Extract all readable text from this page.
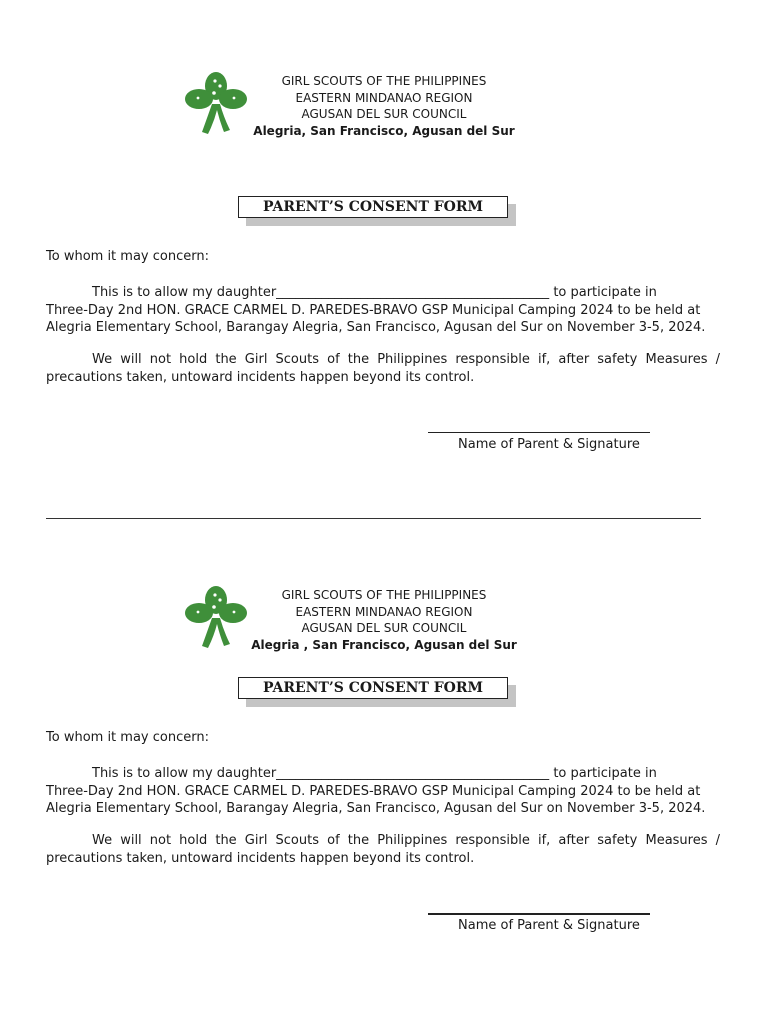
GIRL SCOUTS OF THE PHILIPPINES
EASTERN MINDANAO REGION
AGUSAN DEL SUR COUNCIL
Alegria, San Francisco, Agusan del Sur
PARENT’S CONSENT FORM
To whom it may concern:
This is to allow my daughter__________________________________________ to participate in
Three-Day 2nd HON. GRACE CARMEL D. PAREDES-BRAVO GSP Municipal Camping 2024 to be held at
Alegria Elementary School, Barangay Alegria, San Francisco, Agusan del Sur on November 3-5, 2024.
We will not hold the Girl Scouts of the Philippines responsible if, after safety Measures / precautions taken, untoward incidents happen beyond its control.
Name of Parent & Signature
GIRL SCOUTS OF THE PHILIPPINES
EASTERN MINDANAO REGION
AGUSAN DEL SUR COUNCIL
Alegria , San Francisco, Agusan del Sur
PARENT’S CONSENT FORM
To whom it may concern:
This is to allow my daughter__________________________________________ to participate in
Three-Day 2nd HON. GRACE CARMEL D. PAREDES-BRAVO GSP Municipal Camping 2024 to be held at
Alegria Elementary School, Barangay Alegria, San Francisco, Agusan del Sur on November 3-5, 2024.
We will not hold the Girl Scouts of the Philippines responsible if, after safety Measures / precautions taken, untoward incidents happen beyond its control.
Name of Parent & Signature
